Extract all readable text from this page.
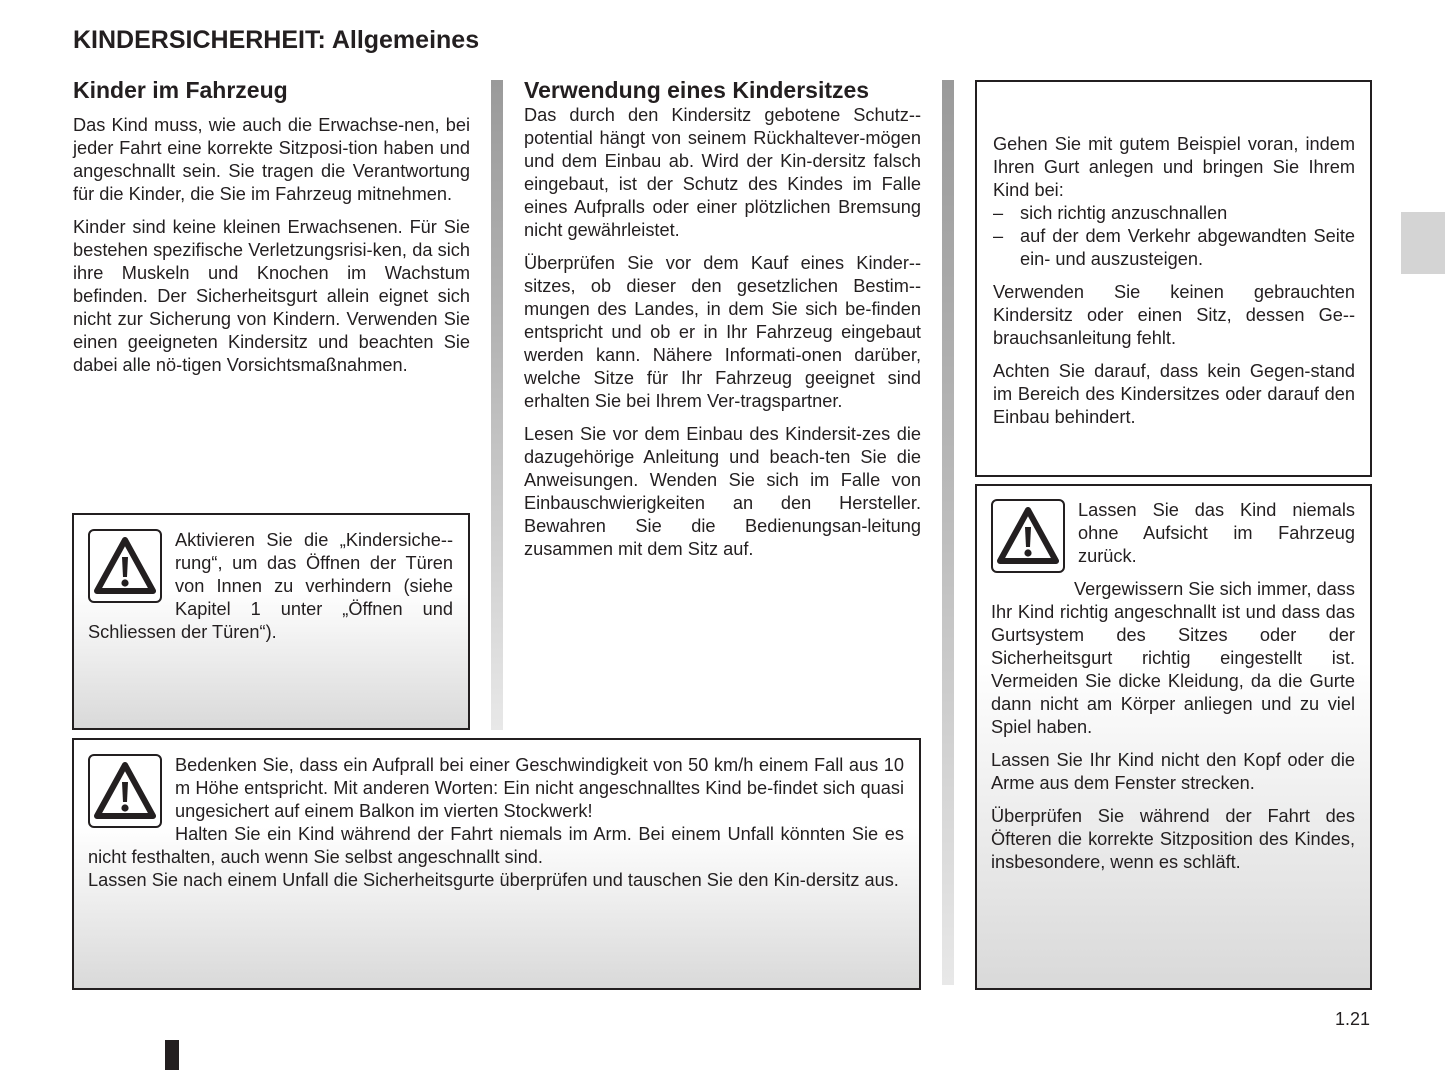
KINDERSICHERHEIT: Allgemeines
Kinder im Fahrzeug

Das Kind muss, wie auch die Erwachse-nen, bei jeder Fahrt eine korrekte Sitzposi-tion haben und angeschnallt sein. Sie tragen die Verantwortung für die Kinder, die Sie im Fahrzeug mitnehmen.

Kinder sind keine kleinen Erwachsenen. Für Sie bestehen spezifische Verletzungsrisi-ken, da sich ihre Muskeln und Knochen im Wachstum befinden. Der Sicherheitsgurt allein eignet sich nicht zur Sicherung von Kindern. Verwenden Sie einen geeigneten Kindersitz und beachten Sie dabei alle nö-tigen Vorsichtsmaßnahmen.

Aktivieren Sie die „Kindersiche-rung“, um das Öffnen der Türen von Innen zu verhindern (siehe Kapitel 1 unter „Öffnen und Schliessen der Türen“).

Verwendung eines Kindersitzes

Das durch den Kindersitz gebotene Schutz-potential hängt von seinem Rückhaltever-mögen und dem Einbau ab. Wird der Kin-dersitz falsch eingebaut, ist der Schutz des Kindes im Falle eines Aufpralls oder einer plötzlichen Bremsung nicht gewährleistet.

Überprüfen Sie vor dem Kauf eines Kinder-sitzes, ob dieser den gesetzlichen Bestim-mungen des Landes, in dem Sie sich be-finden entspricht und ob er in Ihr Fahrzeug eingebaut werden kann. Nähere Informati-onen darüber, welche Sitze für Ihr Fahrzeug geeignet sind erhalten Sie bei Ihrem Ver-tragspartner.

Lesen Sie vor dem Einbau des Kindersit-zes die dazugehörige Anleitung und beach-ten Sie die Anweisungen. Wenden Sie sich im Falle von Einbauschwierigkeiten an den Hersteller. Bewahren Sie die Bedienungsan-leitung zusammen mit dem Sitz auf.

Bedenken Sie, dass ein Aufprall bei einer Geschwindigkeit von 50 km/h einem Fall aus 10 m Höhe entspricht. Mit anderen Worten: Ein nicht angeschnalltes Kind be-findet sich quasi ungesichert auf einem Balkon im vierten Stockwerk!

Halten Sie ein Kind während der Fahrt niemals im Arm. Bei einem Unfall könnten Sie es nicht festhalten, auch wenn Sie selbst angeschnallt sind.

Lassen Sie nach einem Unfall die Sicherheitsgurte überprüfen und tauschen Sie den Kin-dersitz aus.

Gehen Sie mit gutem Beispiel voran, indem Ihren Gurt anlegen und bringen Sie Ihrem Kind bei:

– sich richtig anzuschnallen
– auf der dem Verkehr abgewandten Seite ein- und auszusteigen.

Verwenden Sie keinen gebrauchten Kindersitz oder einen Sitz, dessen Ge-brauchsanleitung fehlt.

Achten Sie darauf, dass kein Gegen-stand im Bereich des Kindersitzes oder darauf den Einbau behindert.

Lassen Sie das Kind niemals ohne Aufsicht im Fahrzeug zurück.

Vergewissern Sie sich immer, dass Ihr Kind richtig angeschnallt ist und dass das Gurtsystem des Sitzes oder der Sicherheitsgurt richtig eingestellt ist. Vermeiden Sie dicke Kleidung, da die Gurte dann nicht am Körper anliegen und zu viel Spiel haben.

Lassen Sie Ihr Kind nicht den Kopf oder die Arme aus dem Fenster strecken.

Überprüfen Sie während der Fahrt des Öfteren die korrekte Sitzposition des Kindes, insbesondere, wenn es schläft.

1.21
